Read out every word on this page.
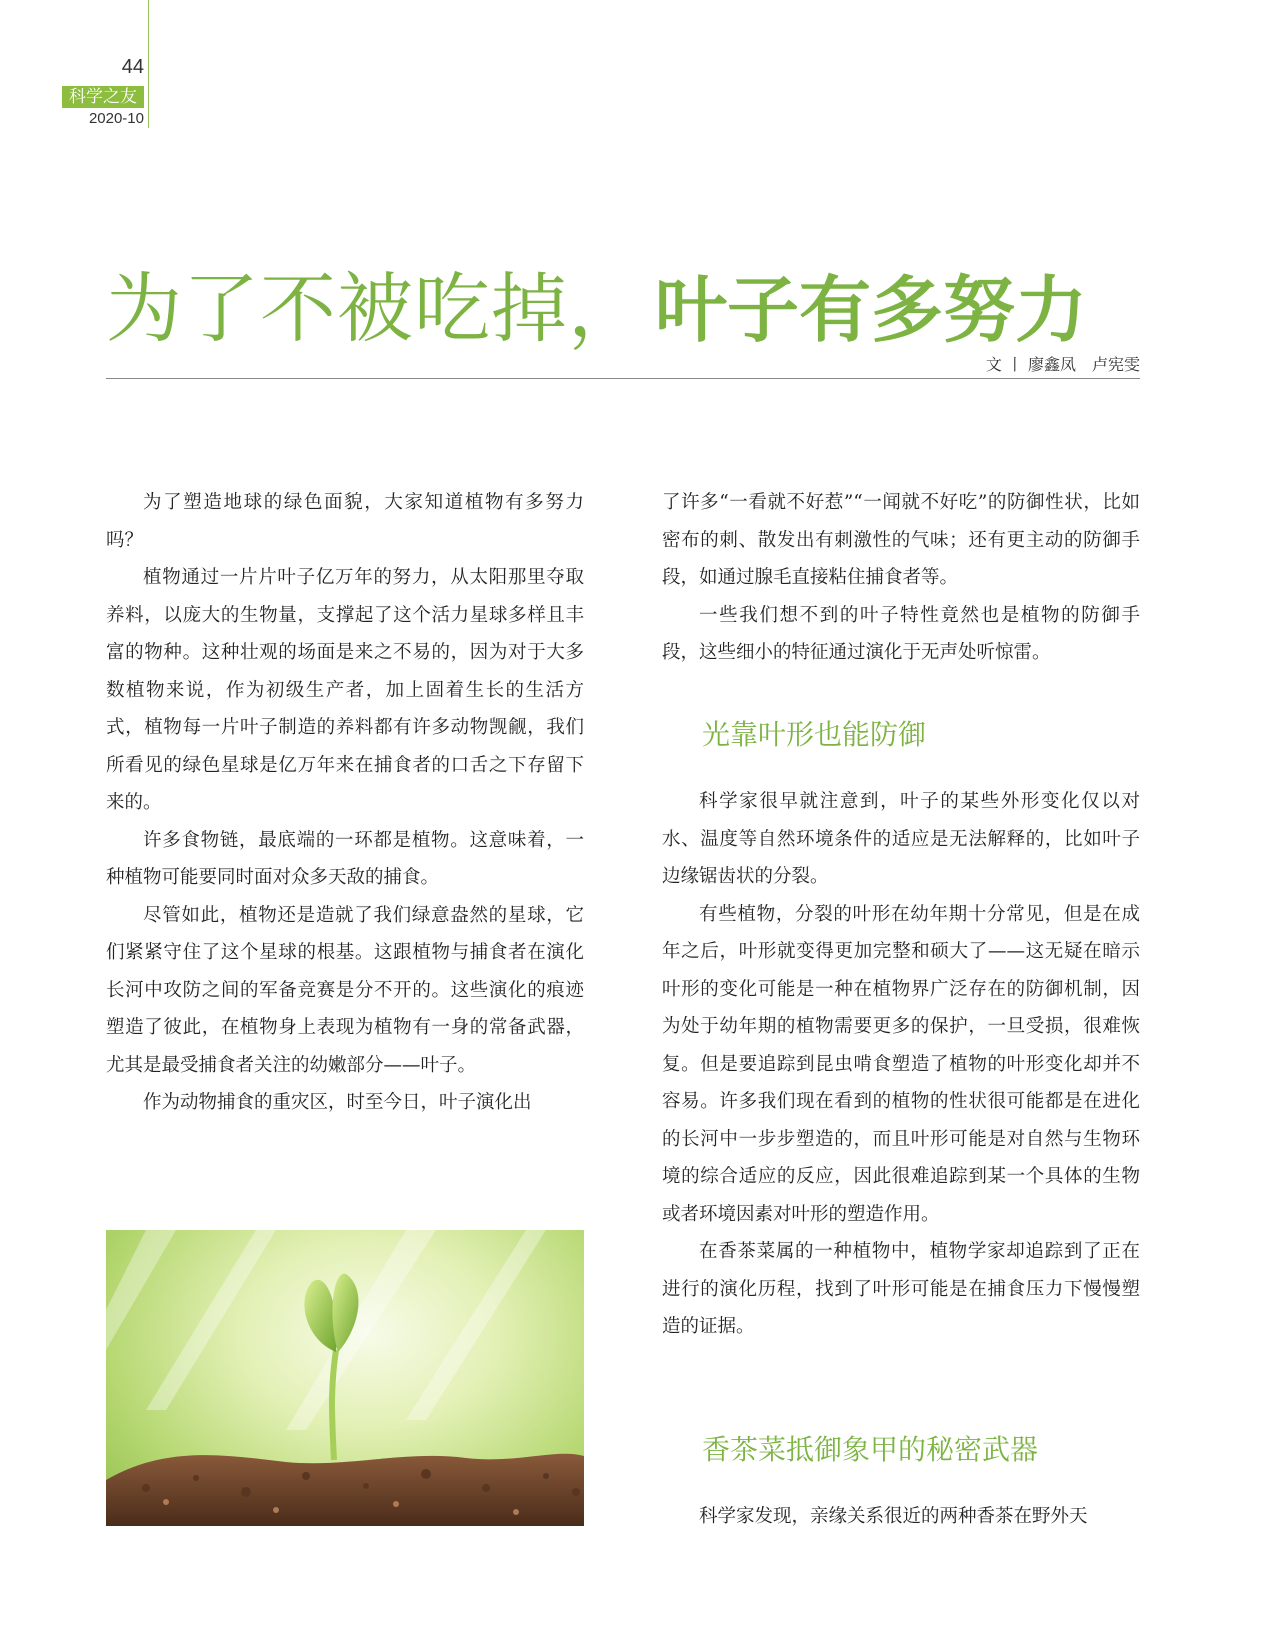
44
科学之友
2020-10
为了不被吃掉， 叶子有多努力
文 丨 廖鑫凤　卢宪雯

为了塑造地球的绿色面貌，大家知道植物有多努力吗？

植物通过一片片叶子亿万年的努力，从太阳那里夺取养料，以庞大的生物量，支撑起了这个活力星球多样且丰富的物种。这种壮观的场面是来之不易的，因为对于大多数植物来说，作为初级生产者，加上固着生长的生活方式，植物每一片叶子制造的养料都有许多动物觊觎，我们所看见的绿色星球是亿万年来在捕食者的口舌之下存留下来的。

许多食物链，最底端的一环都是植物。这意味着，一种植物可能要同时面对众多天敌的捕食。

尽管如此，植物还是造就了我们绿意盎然的星球，它们紧紧守住了这个星球的根基。这跟植物与捕食者在演化长河中攻防之间的军备竞赛是分不开的。这些演化的痕迹塑造了彼此，在植物身上表现为植物有一身的常备武器，尤其是最受捕食者关注的幼嫩部分——叶子。

作为动物捕食的重灾区，时至今日，叶子演化出

了许多“一看就不好惹”“一闻就不好吃”的防御性状，比如密布的刺、散发出有刺激性的气味；还有更主动的防御手段，如通过腺毛直接粘住捕食者等。

一些我们想不到的叶子特性竟然也是植物的防御手段，这些细小的特征通过演化于无声处听惊雷。

光靠叶形也能防御

科学家很早就注意到，叶子的某些外形变化仅以对水、温度等自然环境条件的适应是无法解释的，比如叶子边缘锯齿状的分裂。

有些植物，分裂的叶形在幼年期十分常见，但是在成年之后，叶形就变得更加完整和硕大了——这无疑在暗示叶形的变化可能是一种在植物界广泛存在的防御机制，因为处于幼年期的植物需要更多的保护，一旦受损，很难恢复。但是要追踪到昆虫啃食塑造了植物的叶形变化却并不容易。许多我们现在看到的植物的性状很可能都是在进化的长河中一步步塑造的，而且叶形可能是对自然与生物环境的综合适应的反应，因此很难追踪到某一个具体的生物或者环境因素对叶形的塑造作用。

在香茶菜属的一种植物中，植物学家却追踪到了正在进行的演化历程，找到了叶形可能是在捕食压力下慢慢塑造的证据。

香茶菜抵御象甲的秘密武器

科学家发现，亲缘关系很近的两种香茶在野外天
